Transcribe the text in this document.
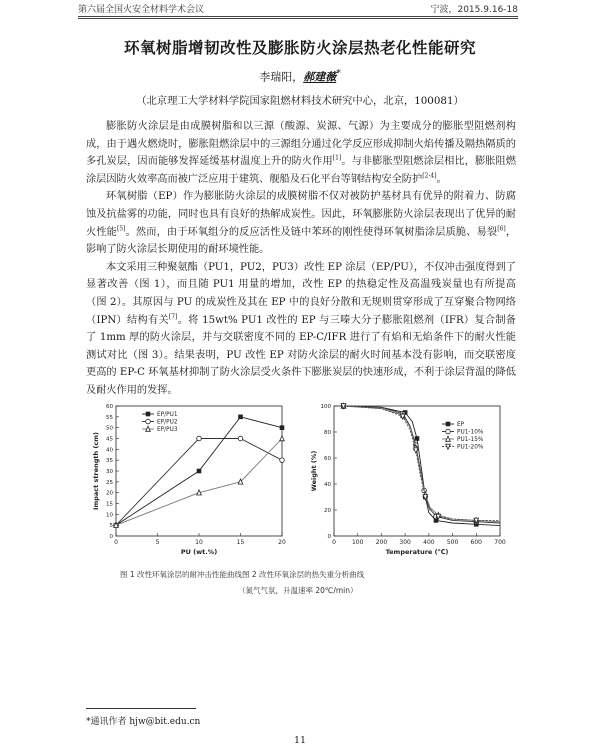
第六届全国火安全材料学术会议	宁波，2015.9.16-18
环氧树脂增韧改性及膨胀防火涂层热老化性能研究
李瑞阳，郝建薇*
（北京理工大学材料学院国家阻燃材料技术研究中心，北京，100081）

膨胀防火涂层是由成膜树脂和以三源（酸源、炭源、气源）为主要成分的膨胀型阻燃剂构成，由于遇火燃烧时，膨胀阻燃涂层中的三源组分通过化学反应形成抑制火焰传播及隔热隔质的多孔炭层，因而能够发挥延缓基材温度上升的防火作用[1]。与非膨胀型阻燃涂层相比，膨胀阻燃涂层因防火效率高而被广泛应用于建筑、舰船及石化平台等钢结构安全防护[2-4]。

环氧树脂（EP）作为膨胀防火涂层的成膜树脂不仅对被防护基材具有优异的附着力、防腐蚀及抗盐雾的功能，同时也具有良好的热解成炭性。因此，环氧膨胀防火涂层表现出了优异的耐火性能[5]。然而，由于环氧组分的反应活性及链中苯环的刚性使得环氧树脂涂层质脆、易裂[6]，影响了防火涂层长期使用的耐环境性能。

本文采用三种聚氨酯（PU1，PU2，PU3）改性 EP 涂层（EP/PU），不仅冲击强度得到了显著改善（图 1），而且随 PU1 用量的增加，改性 EP 的热稳定性及高温残炭量也有所提高（图 2）。其原因与 PU 的成炭性及其在 EP 中的良好分散和无规则贯穿形成了互穿聚合物网络（IPN）结构有关[7]。将 15wt% PU1 改性的 EP 与三嗪大分子膨胀阻燃剂（IFR）复合制备了 1mm 厚的防火涂层，并与交联密度不同的 EP-C/IFR 进行了有焰和无焰条件下的耐火性能测试对比（图 3）。结果表明，PU 改性 EP 对防火涂层的耐火时间基本没有影响，而交联密度更高的 EP-C 环氧基材抑制了防火涂层受火条件下膨胀炭层的快速形成，不利于涂层背温的降低及耐火作用的发挥。

0	5	10	15	20
0
5
10
15
20
25
30
35
40
45
50
55
60
PU (wt.%)
Impact strength (cm)
EP/PU1
EP/PU2
EP/PU3
0	100 200 300 400 500 600 700
0
20
40
60
80
100
Temperature (℃)
Weight (%)
EP
PU1-10%
PU1-15%
PU1-20%
图 1 改性环氧涂层的耐冲击性能曲线图 2 改性环氧涂层的热失重分析曲线
（氮气气氛，升温速率 20℃/min）
*通讯作者 hjw@bit.edu.cn
11
